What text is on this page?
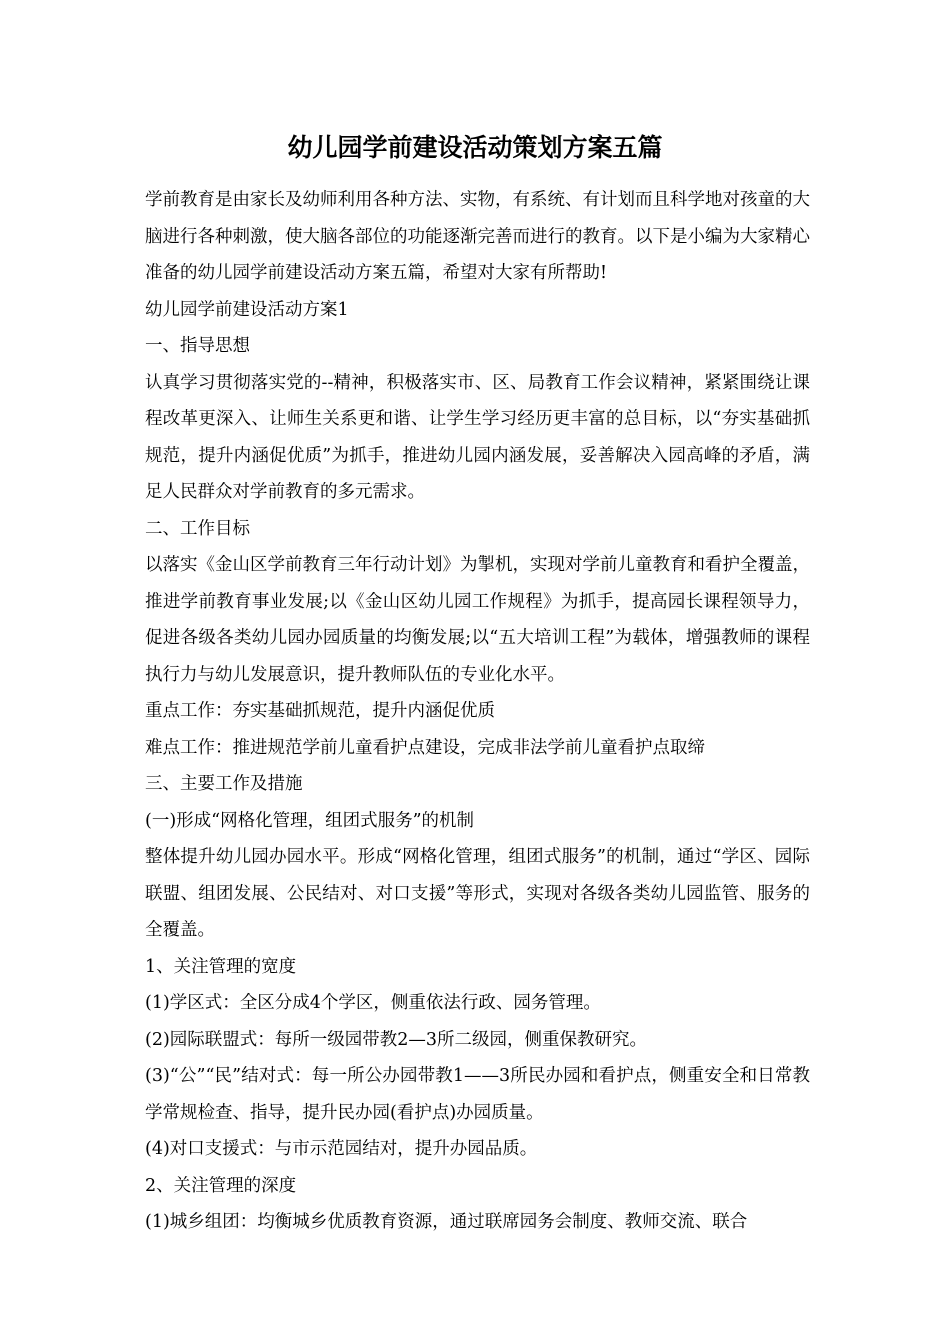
幼儿园学前建设活动策划方案五篇

学前教育是由家长及幼师利用各种方法、实物，有系统、有计划而且科学地对孩童的大脑进行各种刺激，使大脑各部位的功能逐渐完善而进行的教育。以下是小编为大家精心准备的幼儿园学前建设活动方案五篇，希望对大家有所帮助!

幼儿园学前建设活动方案1

一、指导思想

认真学习贯彻落实党的--精神，积极落实市、区、局教育工作会议精神，紧紧围绕让课程改革更深入、让师生关系更和谐、让学生学习经历更丰富的总目标，以“夯实基础抓规范，提升内涵促优质”为抓手，推进幼儿园内涵发展，妥善解决入园高峰的矛盾，满足人民群众对学前教育的多元需求。

二、工作目标

以落实《金山区学前教育三年行动计划》为掣机，实现对学前儿童教育和看护全覆盖，推进学前教育事业发展;以《金山区幼儿园工作规程》为抓手，提高园长课程领导力，促进各级各类幼儿园办园质量的均衡发展;以“五大培训工程”为载体，增强教师的课程执行力与幼儿发展意识，提升教师队伍的专业化水平。

重点工作：夯实基础抓规范，提升内涵促优质

难点工作：推进规范学前儿童看护点建设，完成非法学前儿童看护点取缔

三、主要工作及措施

(一)形成“网格化管理，组团式服务”的机制

整体提升幼儿园办园水平。形成“网格化管理，组团式服务”的机制，通过“学区、园际联盟、组团发展、公民结对、对口支援”等形式，实现对各级各类幼儿园监管、服务的全覆盖。

1、关注管理的宽度

(1)学区式：全区分成4个学区，侧重依法行政、园务管理。

(2)园际联盟式：每所一级园带教2—3所二级园，侧重保教研究。

(3)“公”“民”结对式：每一所公办园带教1——3所民办园和看护点，侧重安全和日常教学常规检查、指导，提升民办园(看护点)办园质量。

(4)对口支援式：与市示范园结对，提升办园品质。

2、关注管理的深度

(1)城乡组团：均衡城乡优质教育资源，通过联席园务会制度、教师交流、联合
